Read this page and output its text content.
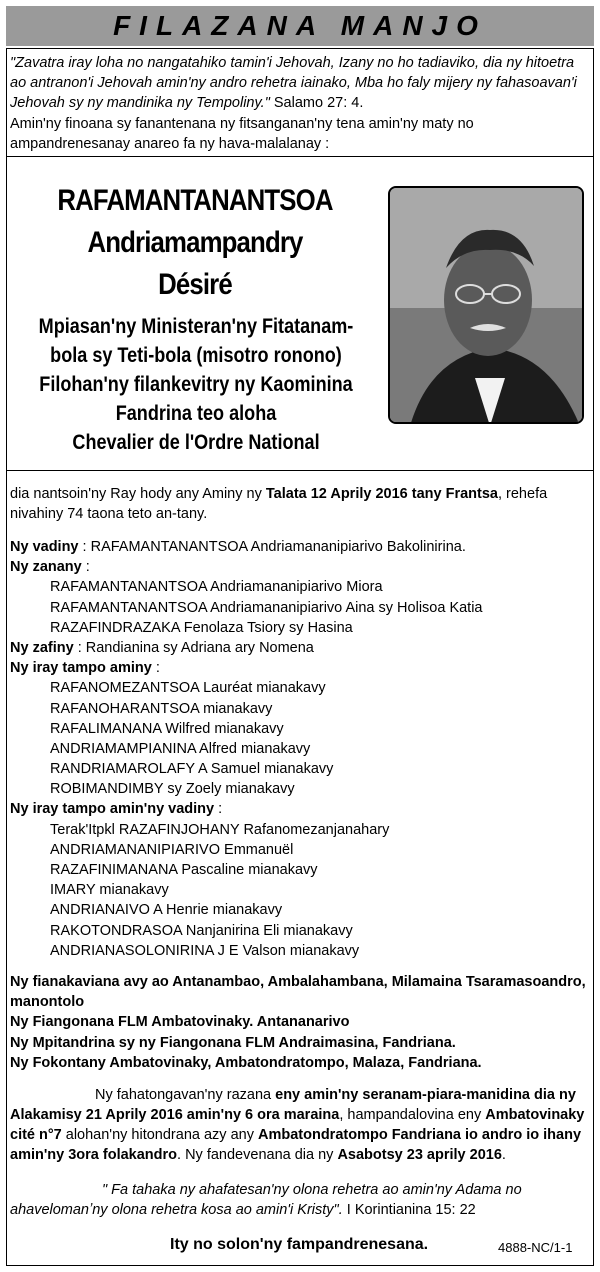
FILAZANA MANJO
"Zavatra iray loha no nangatahiko tamin'i Jehovah, Izany no ho tadiaviko, dia ny hitoetra ao antranon'i Jehovah amin'ny andro rehetra iainako, Mba ho faly mijery ny fahasoavan'i Jehovah sy ny mandinika ny Tempoliny." Salamo 27: 4.
Amin'ny finoana sy fanantenana ny fitsanganan'ny tena amin'ny maty no ampandrenesanay anareo fa ny hava-malalanay :
RAFAMANTANANTSOA
Andriamampandry
Désiré
Mpiasan'ny Ministeran'ny Fitatanam-
bola sy Teti-bola (misotro ronono)
Filohan'ny filankevitry ny Kaominina
Fandrina teo aloha
Chevalier de l'Ordre National
dia nantsoin'ny Ray hody any Aminy ny Talata 12 Aprily 2016 tany Frantsa, rehefa nivahiny 74 taona teto an-tany.
Ny vadiny : RAFAMANTANANTSOA Andriamananipiarivo Bakolinirina.
Ny zanany :
RAFAMANTANANTSOA Andriamananipiarivo Miora
RAFAMANTANANTSOA Andriamananipiarivo Aina sy Holisoa Katia
RAZAFINDRAZAKA Fenolaza Tsiory sy Hasina
Ny zafiny : Randianina sy Adriana ary Nomena
Ny iray tampo aminy :
RAFANOMEZANTSOA Lauréat mianakavy
RAFANOHARANTSOA mianakavy
RAFALIMANANA Wilfred mianakavy
ANDRIAMAMPIANINA Alfred mianakavy
RANDRIAMAROLAFY A Samuel mianakavy
ROBIMANDIMBY sy Zoely mianakavy
Ny iray tampo amin'ny vadiny :
Terak'Itpkl RAZAFINJOHANY Rafanomezanjanahary
ANDRIAMANANIPIARIVO Emmanuël
RAZAFINIMANANA Pascaline mianakavy
IMARY mianakavy
ANDRIANAIVO A Henrie mianakavy
RAKOTONDRASOA Nanjanirina Eli mianakavy
ANDRIANASOLONIRINA J E Valson mianakavy
Ny fianakaviana avy ao Antanambao, Ambalahambana, Milamaina Tsaramasoandro,
manontolo
Ny Fiangonana FLM Ambatovinaky. Antananarivo
Ny Mpitandrina sy ny Fiangonana FLM Andraimasina, Fandriana.
Ny Fokontany Ambatovinaky, Ambatondratompo, Malaza, Fandriana.
Ny fahatongavan'ny razana eny amin'ny seranam-piara-manidina dia ny Alakamisy 21 Aprily 2016 amin'ny 6 ora maraina, hampandalovina eny Ambatovinaky cité n°7 alohan'ny hitondrana azy any Ambatondratompo Fandriana io andro io ihany amin'ny 3ora folakandro. Ny fandevenana dia ny Asabotsy 23 aprily 2016.
" Fa tahaka ny ahafatesan'ny olona rehetra ao amin'ny Adama no ahavelomanʼny olona rehetra kosa ao amin'i Kristy". I Korintianina 15: 22
Ity no solon'ny fampandrenesana.	4888-NC/1-1
